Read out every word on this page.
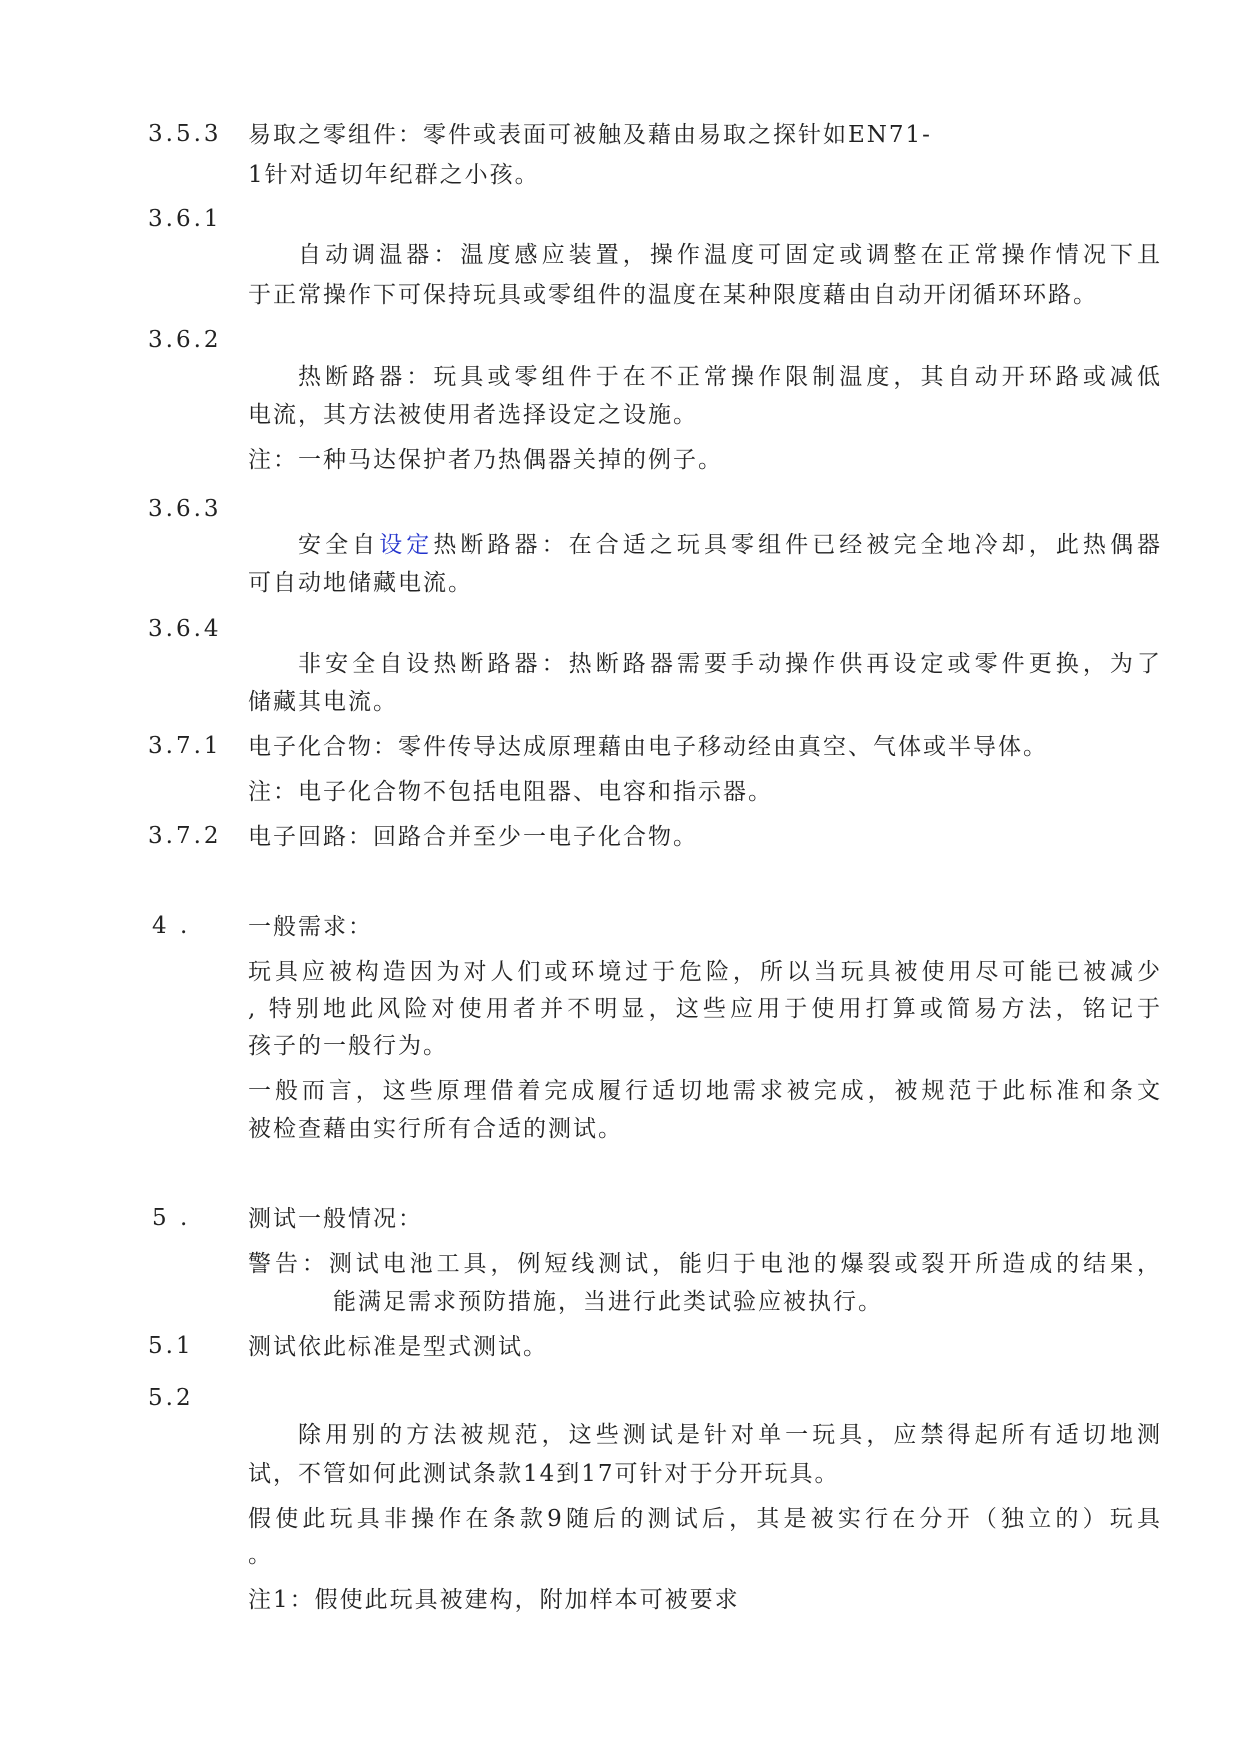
3.5.3 易取之零组件：零件或表面可被触及藉由易取之探针如EN71-
1针对适切年纪群之小孩。
3.6.1
自动调温器：温度感应装置，操作温度可固定或调整在正常操作情况下且
于正常操作下可保持玩具或零组件的温度在某种限度藉由自动开闭循环环路。
3.6.2
热断路器：玩具或零组件于在不正常操作限制温度，其自动开环路或减低
电流，其方法被使用者选择设定之设施。
注：一种马达保护者乃热偶器关掉的例子。
3.6.3
安全自设定热断路器：在合适之玩具零组件已经被完全地冷却，此热偶器
可自动地储藏电流。
3.6.4
非安全自设热断路器：热断路器需要手动操作供再设定或零件更换，为了
储藏其电流。
3.7.1 电子化合物：零件传导达成原理藉由电子移动经由真空、气体或半导体。
注：电子化合物不包括电阻器、电容和指示器。
3.7.2 电子回路：回路合并至少一电子化合物。
4 .	一般需求：
玩具应被构造因为对人们或环境过于危险，所以当玩具被使用尽可能已被减少
, 特别地此风险对使用者并不明显，这些应用于使用打算或简易方法，铭记于
孩子的一般行为。
一般而言，这些原理借着完成履行适切地需求被完成，被规范于此标准和条文
被检查藉由实行所有合适的测试。
5 .	测试一般情况：
警告：测试电池工具，例短线测试，能归于电池的爆裂或裂开所造成的结果，
能满足需求预防措施，当进行此类试验应被执行。
5.1 测试依此标准是型式测试。
5.2
除用别的方法被规范，这些测试是针对单一玩具，应禁得起所有适切地测
试，不管如何此测试条款14到17可针对于分开玩具。
假使此玩具非操作在条款9随后的测试后，其是被实行在分开（独立的）玩具
。
注1：假使此玩具被建构，附加样本可被要求
